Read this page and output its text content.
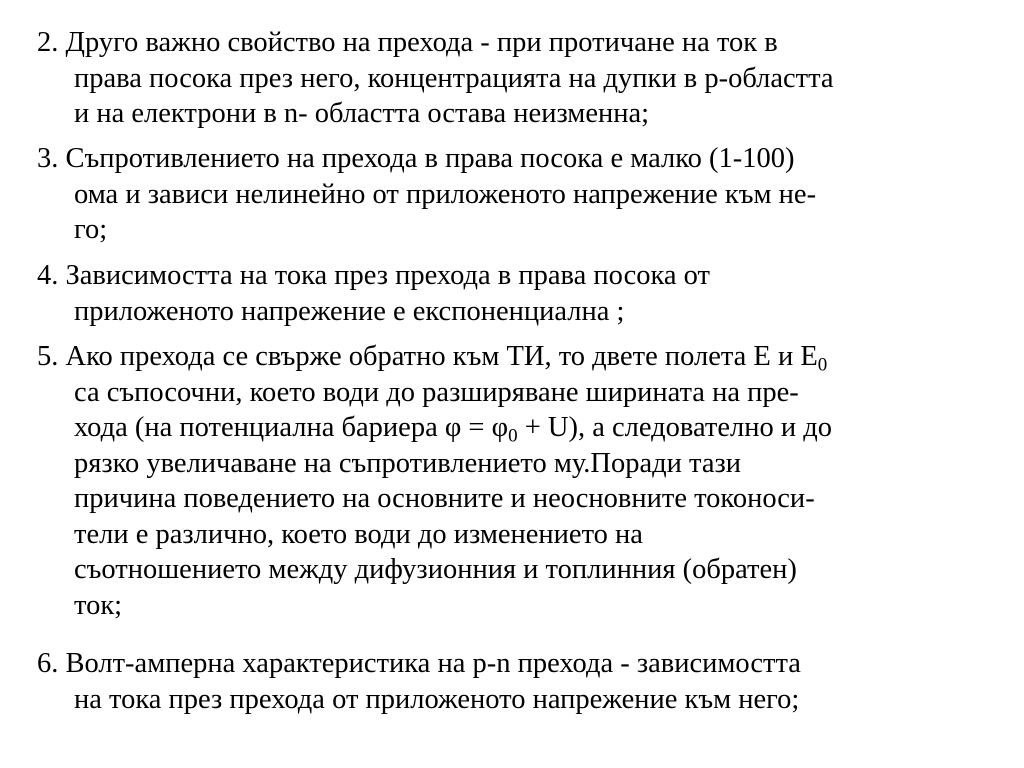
2. Друго важно свойство на прехода - при протичане на ток в
права посока през него, концентрацията на дупки в p-областта
и на електрони в n- областта остава неизменна;
3. Съпротивлението на прехода в права посока е малко (1-100)
ома и зависи нелинейно от приложеното напрежение към не-
го;
4. Зависимостта на тока през прехода в права посока от
приложеното напрежение е експоненциална ;
5. Ако прехода се свърже обратно към ТИ, то двете полета Е и $Е_0$
са съпосочни, което води до разширяване ширината на пре-
хода (на потенциална бариера $\varphi = \varphi_0 + U$), а следователно и до
рязко увеличаване на съпротивлението му.Поради тази
причина поведението на основните и неосновните токоноси-
тели е различно, което води до изменението на
съотношението между дифузионния и топлинния (обратен)
ток;
6. Волт-амперна характеристика на p-n прехода - зависимостта
на тока през прехода от приложеното напрежение към него;
